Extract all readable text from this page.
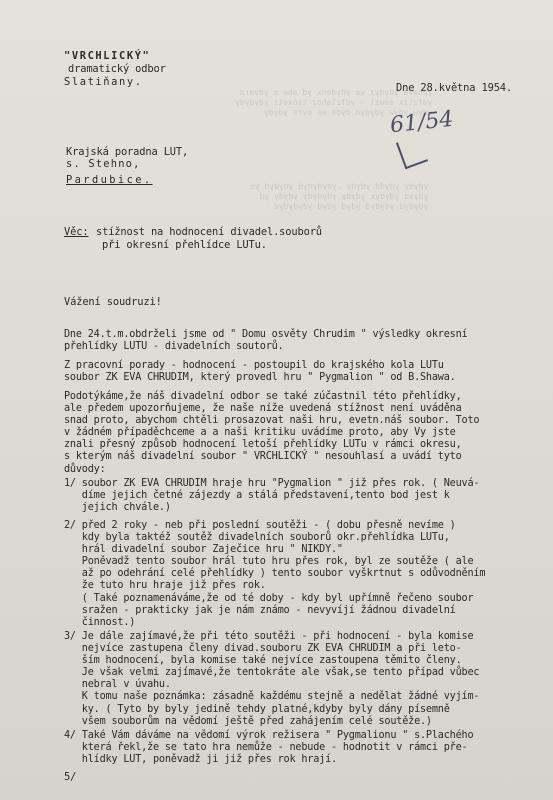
ypnava ydydyz ve ydydenx yd abe s ydymrd
ydfzlzx eowzl - ydfzlahoz tsoxolz ydydydy
ydyw ydyw ydydyd dydk es evrs ydydy
ydydy ydydd ydydy .ydydydyd ydydyd yd
ydyxd ydydyx ydydy ydydydy ydydy yd
ydydyd ydydyd ydyd ydyd ydydydyd
"VRCHLICKÝ"
dramatický odbor
Slatiňany.	Dne 28.května 1954.
61/54
Krajská poradna LUT,
s. Stehno,
Pardubice.
Věc: stížnost na hodnocení divadel.souborů
při okresní přehlídce LUTu.
Vážení soudruzi!
Dne 24.t.m.obdrželi jsme od " Domu osvěty Chrudim " výsledky okresní
přehlídky LUTU - divadelních soutorů.
Z pracovní porady - hodnocení - postoupil do krajského kola LUTu
soubor ZK EVA CHRUDIM, který provedl hru " Pygmalion " od B.Shawa.
Podotýkáme,že náš divadelní odbor se také zúčastnil této přehlídky,
ale předem upozorňujeme, že naše níže uvedená stížnost není uváděna
snad proto, abychom chtěli prosazovat naši hru, evetn.náš soubor. Toto
v žádném případěchceme a a naši kritiku uvádíme proto, aby Vy jste
znali přesný způsob hodnocení letoší přehlídky LUTu v rámci okresu,
s kterým náš divadelní soubor " VRCHLICKÝ " nesouhlasí a uvádí tyto
důvody:
1/ soubor ZK EVA CHRUDIM hraje hru "Pygmalion " již přes rok. ( Neuvá-
díme jejich četné zájezdy a stálá představení,tento bod jest k
jejich chvále.)
2/ před 2 roky - neb při poslední soutěži - ( dobu přesně nevíme )
kdy byla taktéž soutěž divadelních souborů okr.přehlídka LUTu,
hrál divadelní soubor Zaječice hru " NIKDY."
Poněvadž tento soubor hrál tuto hru přes rok, byl ze soutěže ( ale
až po odehrání celé přehlídky ) tento soubor vyškrtnut s odůvodněním
že tuto hru hraje již přes rok.
( Také poznamenáváme,že od té doby - kdy byl upřímně řečeno soubor
sražen - prakticky jak je nám známo - nevyvíjí žádnou divadelní
činnost.)
3/ Je dále zajímavé,že při této soutěži - při hodnocení - byla komise
nejvíce zastupena členy divad.souboru ZK EVA CHRUDIM a při leto-
ším hodnocení, byla komise také nejvíce zastoupena těmito členy.
Je však velmi zajímavé,že tentokráte ale však,se tento případ vůbec
nebral v úvahu.
K tomu naše poznámka: zásadně každému stejně a nedělat žádné vyjím-
ky. ( Tyto by byly jedině tehdy platné,kdyby byly dány písemně
všem souborům na vědomí ještě před zahájením celé soutěže.)
4/ Také Vám dáváme na vědomí výrok režisera " Pygmalionu " s.Plachého
která řekl,že se tato hra nemůže - nebude - hodnotit v rámci pře-
hlídky LUT, poněvadž ji již přes rok hrají.
5/
